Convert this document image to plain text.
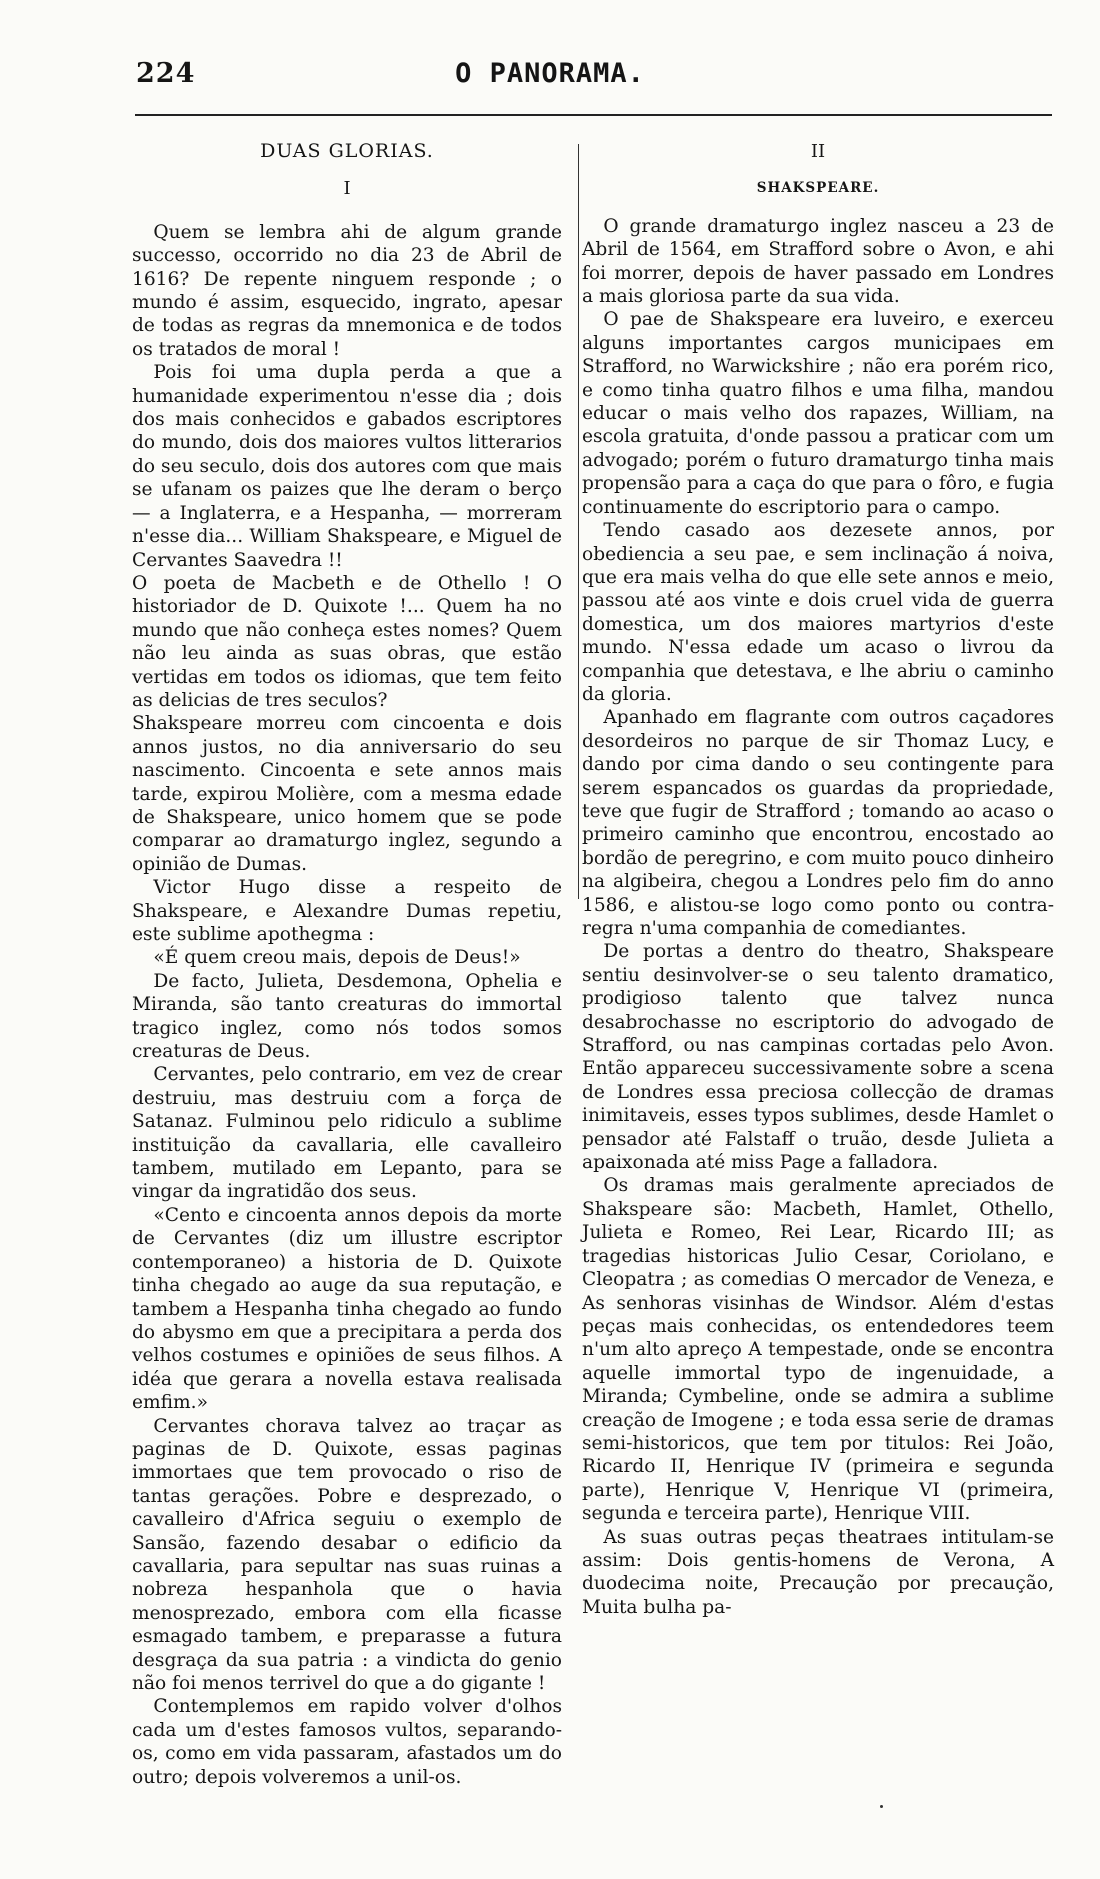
224	O PANORAMA.

DUAS GLORIAS.

I

Quem se lembra ahi de algum grande successo, occorrido no dia 23 de Abril de 1616? De repente ninguem responde ; o mundo é assim, esquecido, ingrato, apesar de todas as regras da mnemonica e de todos os tratados de moral !

Pois foi uma dupla perda a que a humanidade experimentou n'esse dia ; dois dos mais conhecidos e gabados escriptores do mundo, dois dos maiores vultos litterarios do seu seculo, dois dos autores com que mais se ufanam os paizes que lhe deram o berço — a Inglaterra, e a Hespanha, — morreram n'esse dia... William Shakspeare, e Miguel de Cervantes Saavedra !!

O poeta de Macbeth e de Othello ! O historiador de D. Quixote !... Quem ha no mundo que não conheça estes nomes? Quem não leu ainda as suas obras, que estão vertidas em todos os idiomas, que tem feito as delicias de tres seculos?

Shakspeare morreu com cincoenta e dois annos justos, no dia anniversario do seu nascimento. Cincoenta e sete annos mais tarde, expirou Molière, com a mesma edade de Shakspeare, unico homem que se pode comparar ao dramaturgo inglez, segundo a opinião de Dumas.

Victor Hugo disse a respeito de Shakspeare, e Alexandre Dumas repetiu, este sublime apothegma :

«É quem creou mais, depois de Deus!»

De facto, Julieta, Desdemona, Ophelia e Miranda, são tanto creaturas do immortal tragico inglez, como nós todos somos creaturas de Deus.

Cervantes, pelo contrario, em vez de crear destruiu, mas destruiu com a força de Satanaz. Fulminou pelo ridiculo a sublime instituição da cavallaria, elle cavalleiro tambem, mutilado em Lepanto, para se vingar da ingratidão dos seus.

«Cento e cincoenta annos depois da morte de Cervantes (diz um illustre escriptor contemporaneo) a historia de D. Quixote tinha chegado ao auge da sua reputação, e tambem a Hespanha tinha chegado ao fundo do abysmo em que a precipitara a perda dos velhos costumes e opiniões de seus filhos. A idéa que gerara a novella estava realisada emfim.»

Cervantes chorava talvez ao traçar as paginas de D. Quixote, essas paginas immortaes que tem provocado o riso de tantas gerações. Pobre e desprezado, o cavalleiro d'Africa seguiu o exemplo de Sansão, fazendo desabar o edificio da cavallaria, para sepultar nas suas ruinas a nobreza hespanhola que o havia menosprezado, embora com ella ficasse esmagado tambem, e preparasse a futura desgraça da sua patria : a vindicta do genio não foi menos terrivel do que a do gigante !

Contemplemos em rapido volver d'olhos cada um d'estes famosos vultos, separando-os, como em vida passaram, afastados um do outro; depois volveremos a unil-os.

II

SHAKSPEARE.

O grande dramaturgo inglez nasceu a 23 de Abril de 1564, em Strafford sobre o Avon, e ahi foi morrer, depois de haver passado em Londres a mais gloriosa parte da sua vida.

O pae de Shakspeare era luveiro, e exerceu alguns importantes cargos municipaes em Strafford, no Warwickshire ; não era porém rico, e como tinha quatro filhos e uma filha, mandou educar o mais velho dos rapazes, William, na escola gratuita, d'onde passou a praticar com um advogado; porém o futuro dramaturgo tinha mais propensão para a caça do que para o fôro, e fugia continuamente do escriptorio para o campo.

Tendo casado aos dezesete annos, por obediencia a seu pae, e sem inclinação á noiva, que era mais velha do que elle sete annos e meio, passou até aos vinte e dois cruel vida de guerra domestica, um dos maiores martyrios d'este mundo. N'essa edade um acaso o livrou da companhia que detestava, e lhe abriu o caminho da gloria.

Apanhado em flagrante com outros caçadores desordeiros no parque de sir Thomaz Lucy, e dando por cima dando o seu contingente para serem espancados os guardas da propriedade, teve que fugir de Strafford ; tomando ao acaso o primeiro caminho que encontrou, encostado ao bordão de peregrino, e com muito pouco dinheiro na algibeira, chegou a Londres pelo fim do anno 1586, e alistou-se logo como ponto ou contra-regra n'uma companhia de comediantes.

De portas a dentro do theatro, Shakspeare sentiu desinvolver-se o seu talento dramatico, prodigioso talento que talvez nunca desabrochasse no escriptorio do advogado de Strafford, ou nas campinas cortadas pelo Avon. Então appareceu successivamente sobre a scena de Londres essa preciosa collecção de dramas inimitaveis, esses typos sublimes, desde Hamlet o pensador até Falstaff o truão, desde Julieta a apaixonada até miss Page a falladora.

Os dramas mais geralmente apreciados de Shakspeare são: Macbeth, Hamlet, Othello, Julieta e Romeo, Rei Lear, Ricardo III; as tragedias historicas Julio Cesar, Coriolano, e Cleopatra ; as comedias O mercador de Veneza, e As senhoras visinhas de Windsor. Além d'estas peças mais conhecidas, os entendedores teem n'um alto apreço A tempestade, onde se encontra aquelle immortal typo de ingenuidade, a Miranda; Cymbeline, onde se admira a sublime creação de Imogene ; e toda essa serie de dramas semi-historicos, que tem por titulos: Rei João, Ricardo II, Henrique IV (primeira e segunda parte), Henrique V, Henrique VI (primeira, segunda e terceira parte), Henrique VIII.

As suas outras peças theatraes intitulam-se assim: Dois gentis-homens de Verona, A duodecima noite, Precaução por precaução, Muita bulha pa-
